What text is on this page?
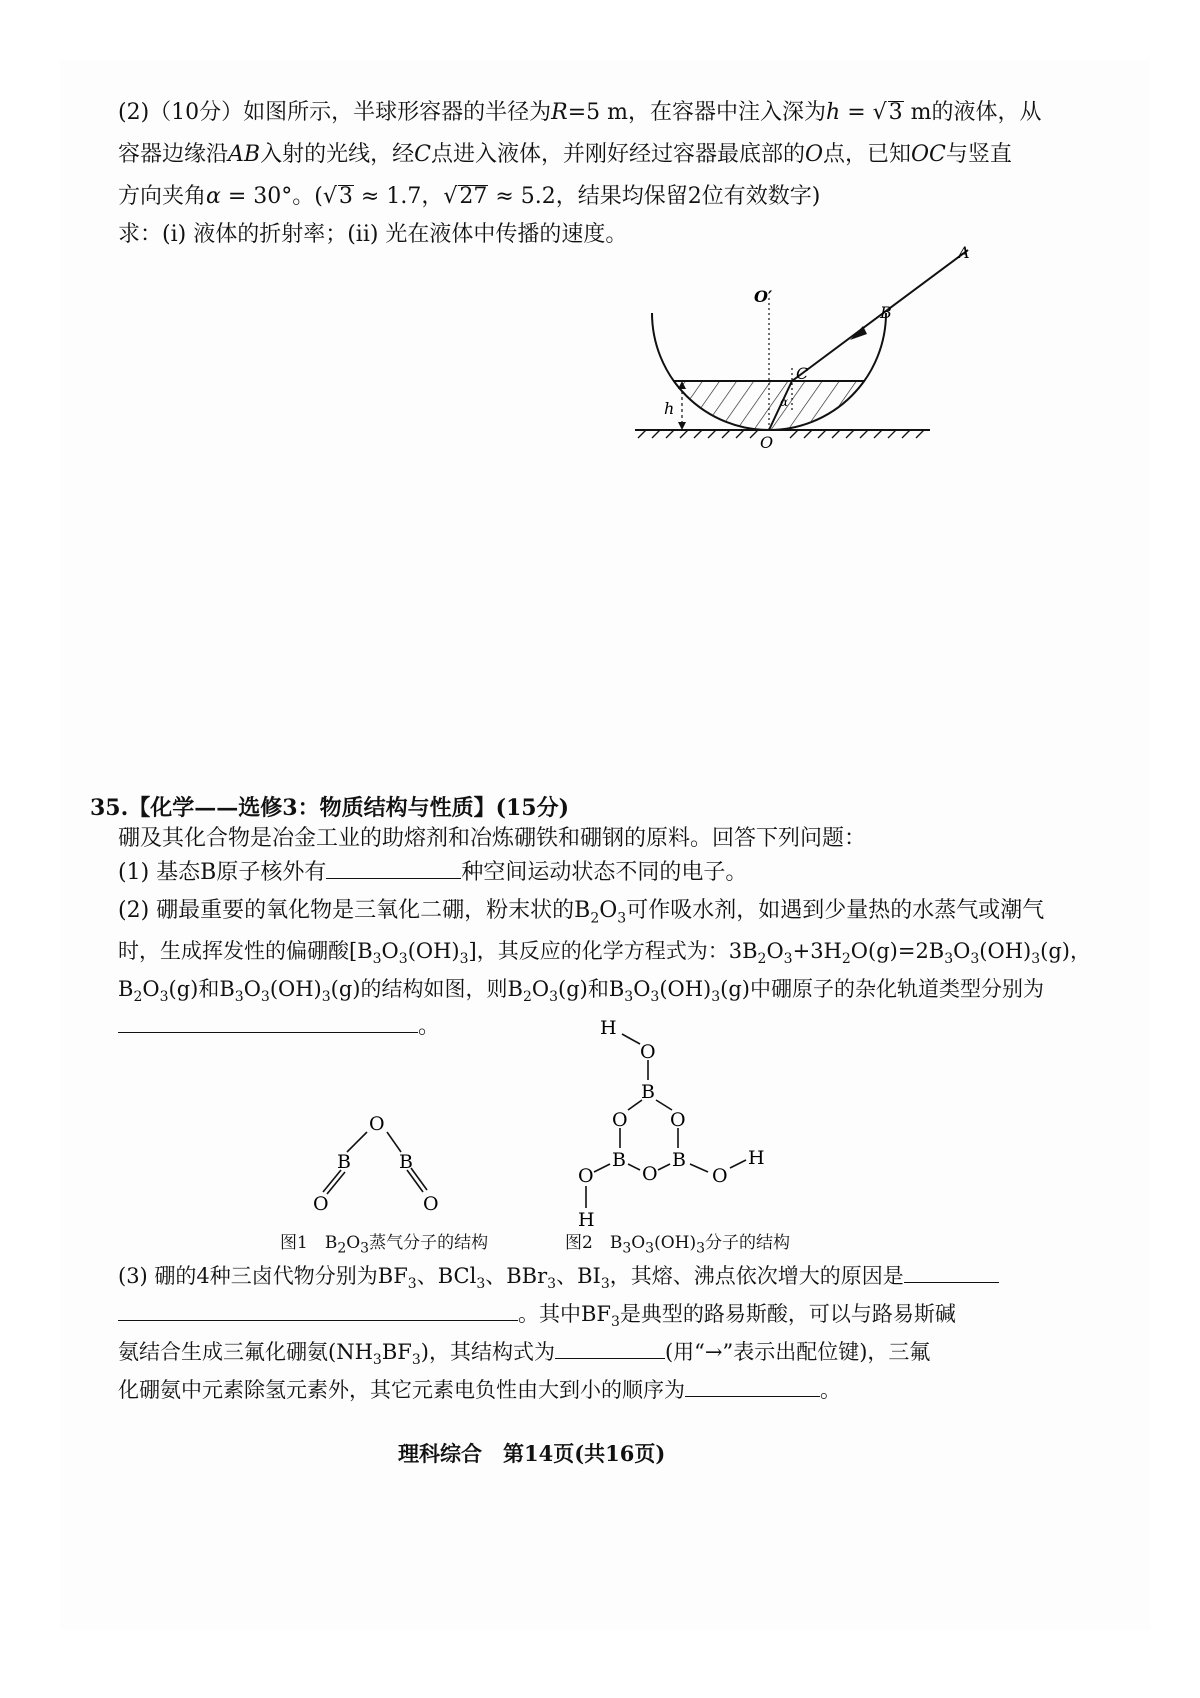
(2)（10分）如图所示，半球形容器的半径为R=5 m，在容器中注入深为h = √3 m的液体，从
容器边缘沿AB入射的光线，经C点进入液体，并刚好经过容器最底部的O点，已知OC与竖直
方向夹角α = 30°。(√3 ≈ 1.7，√27 ≈ 5.2，结果均保留2位有效数字)
求：(i) 液体的折射率；(ii) 光在液体中传播的速度。
A
B
O′
C
h	α
O
35.【化学——选修3：物质结构与性质】(15分)
硼及其化合物是冶金工业的助熔剂和冶炼硼铁和硼钢的原料。回答下列问题：
(1) 基态B原子核外有	种空间运动状态不同的电子。
(2) 硼最重要的氧化物是三氧化二硼，粉末状的$B_2O_3$可作吸水剂，如遇到少量热的水蒸气或潮气
时，生成挥发性的偏硼酸$[B_3O_3(OH)_3]$，其反应的化学方程式为：$3B_2O_3+3H_2O(g)=2B_3O_3(OH)_3(g)$，
$B_2O_3(g)$和$B_3O_3(OH)_3(g)$的结构如图，则$B_2O_3(g)$和$B_3O_3(OH)_3(g)$中硼原子的杂化轨道类型分别为
。
O
B	B
O	O
H
O
B
O O
B B
O
O	O
H
H
图1　$B_2O_3$蒸气分子的结构	图2　$B_3O_3(OH)_3$分子的结构
(3) 硼的4种三卤代物分别为$BF_3$、BCl$_3$、BBr$_3$、$BI_3$，其熔、沸点依次增大的原因是
。其中$BF_3$是典型的路易斯酸，可以与路易斯碱
氨结合生成三氟化硼氨$(NH_3BF_3)$，其结构式为	(用“→”表示出配位键)，三氟
化硼氨中元素除氢元素外，其它元素电负性由大到小的顺序为	。
理科综合　第14页(共16页)
